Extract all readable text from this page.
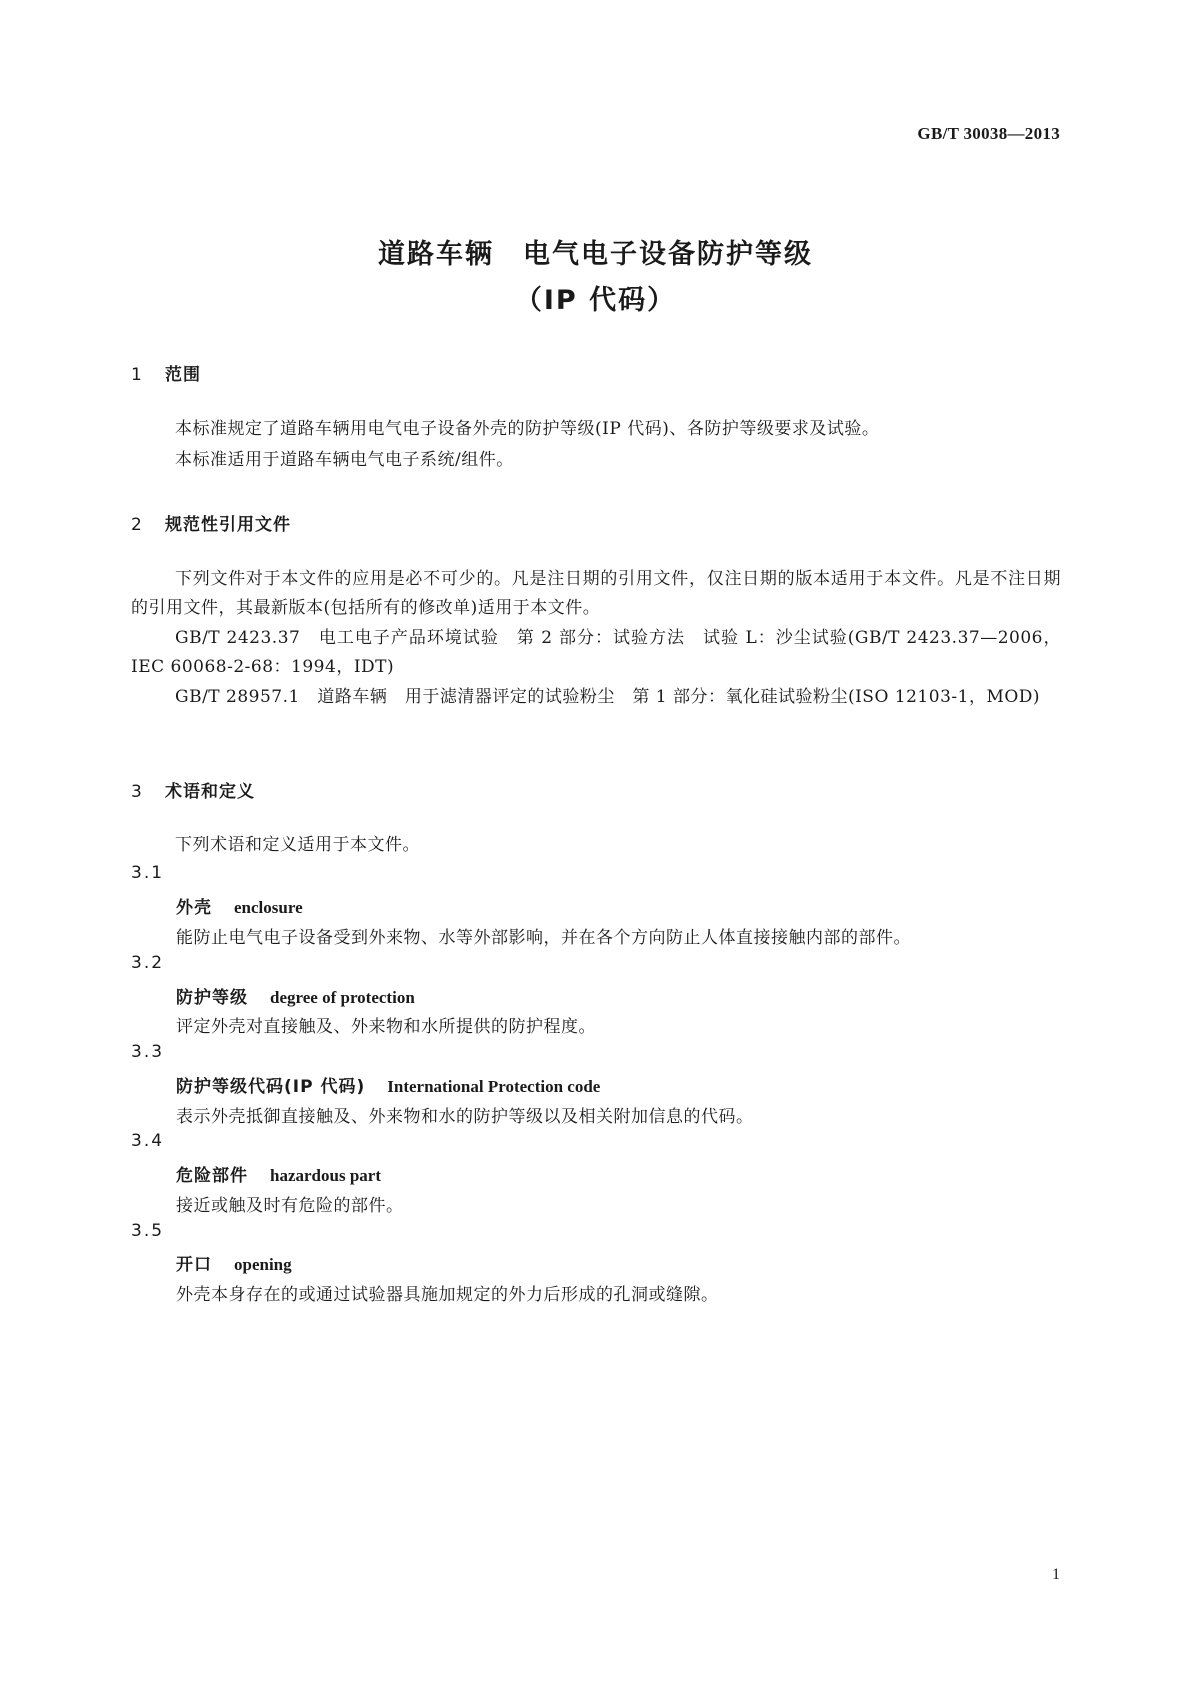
GB/T 30038—2013
道路车辆　电气电子设备防护等级
（IP 代码）
1 范围
本标准规定了道路车辆用电气电子设备外壳的防护等级(IP 代码)、各防护等级要求及试验。
本标准适用于道路车辆电气电子系统/组件。
2 规范性引用文件
下列文件对于本文件的应用是必不可少的。凡是注日期的引用文件，仅注日期的版本适用于本文件。凡是不注日期的引用文件，其最新版本(包括所有的修改单)适用于本文件。
GB/T 2423.37　电工电子产品环境试验　第 2 部分：试验方法　试验 L：沙尘试验(GB/T 2423.37—2006，IEC 60068-2-68：1994，IDT)
GB/T 28957.1　道路车辆　用于滤清器评定的试验粉尘　第 1 部分：氧化硅试验粉尘(ISO 12103-1，MOD)
3 术语和定义
下列术语和定义适用于本文件。
3.1
外壳 enclosure
能防止电气电子设备受到外来物、水等外部影响，并在各个方向防止人体直接接触内部的部件。
3.2
防护等级 degree of protection
评定外壳对直接触及、外来物和水所提供的防护程度。
3.3
防护等级代码(IP 代码) International Protection code
表示外壳抵御直接触及、外来物和水的防护等级以及相关附加信息的代码。
3.4
危险部件 hazardous part
接近或触及时有危险的部件。
3.5
开口 opening
外壳本身存在的或通过试验器具施加规定的外力后形成的孔洞或缝隙。
1
